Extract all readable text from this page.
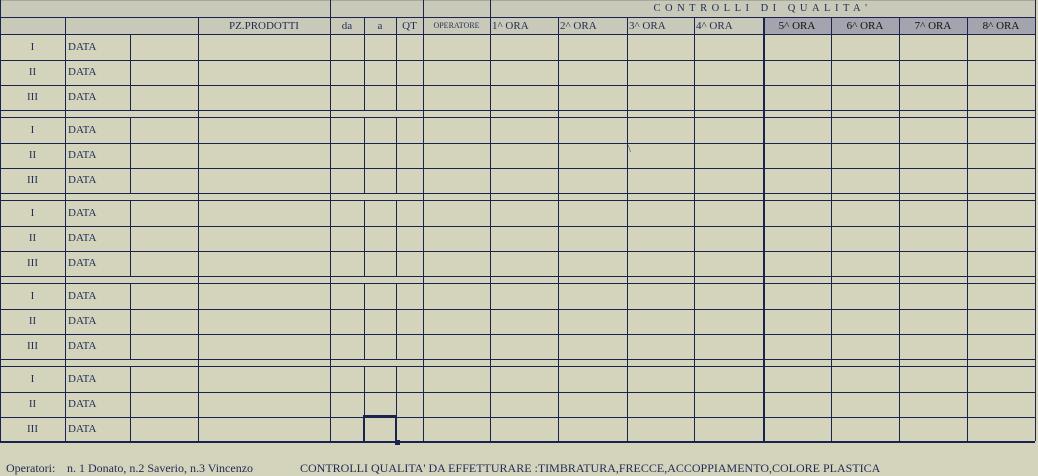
CONTROLLI DI QUALITA'
PZ.PRODOTTI	da	a	QT	OPERATORE	1^ ORA	2^ ORA	3^ ORA	4^ ORA	5^ ORA	6^ ORA	7^ ORA	8^ ORA
I	DATA
II	DATA
III	DATA
I	DATA
II	DATA
III	DATA
I	DATA
II	DATA
III	DATA
I	DATA
II	DATA
III	DATA
I	DATA
II	DATA
III	DATA
\
Operatori: n. 1 Donato, n.2 Saverio, n.3 Vincenzo	CONTROLLI QUALITA' DA EFFETTURARE :TIMBRATURA,FRECCE,ACCOPPIAMENTO,COLORE PLASTICA
